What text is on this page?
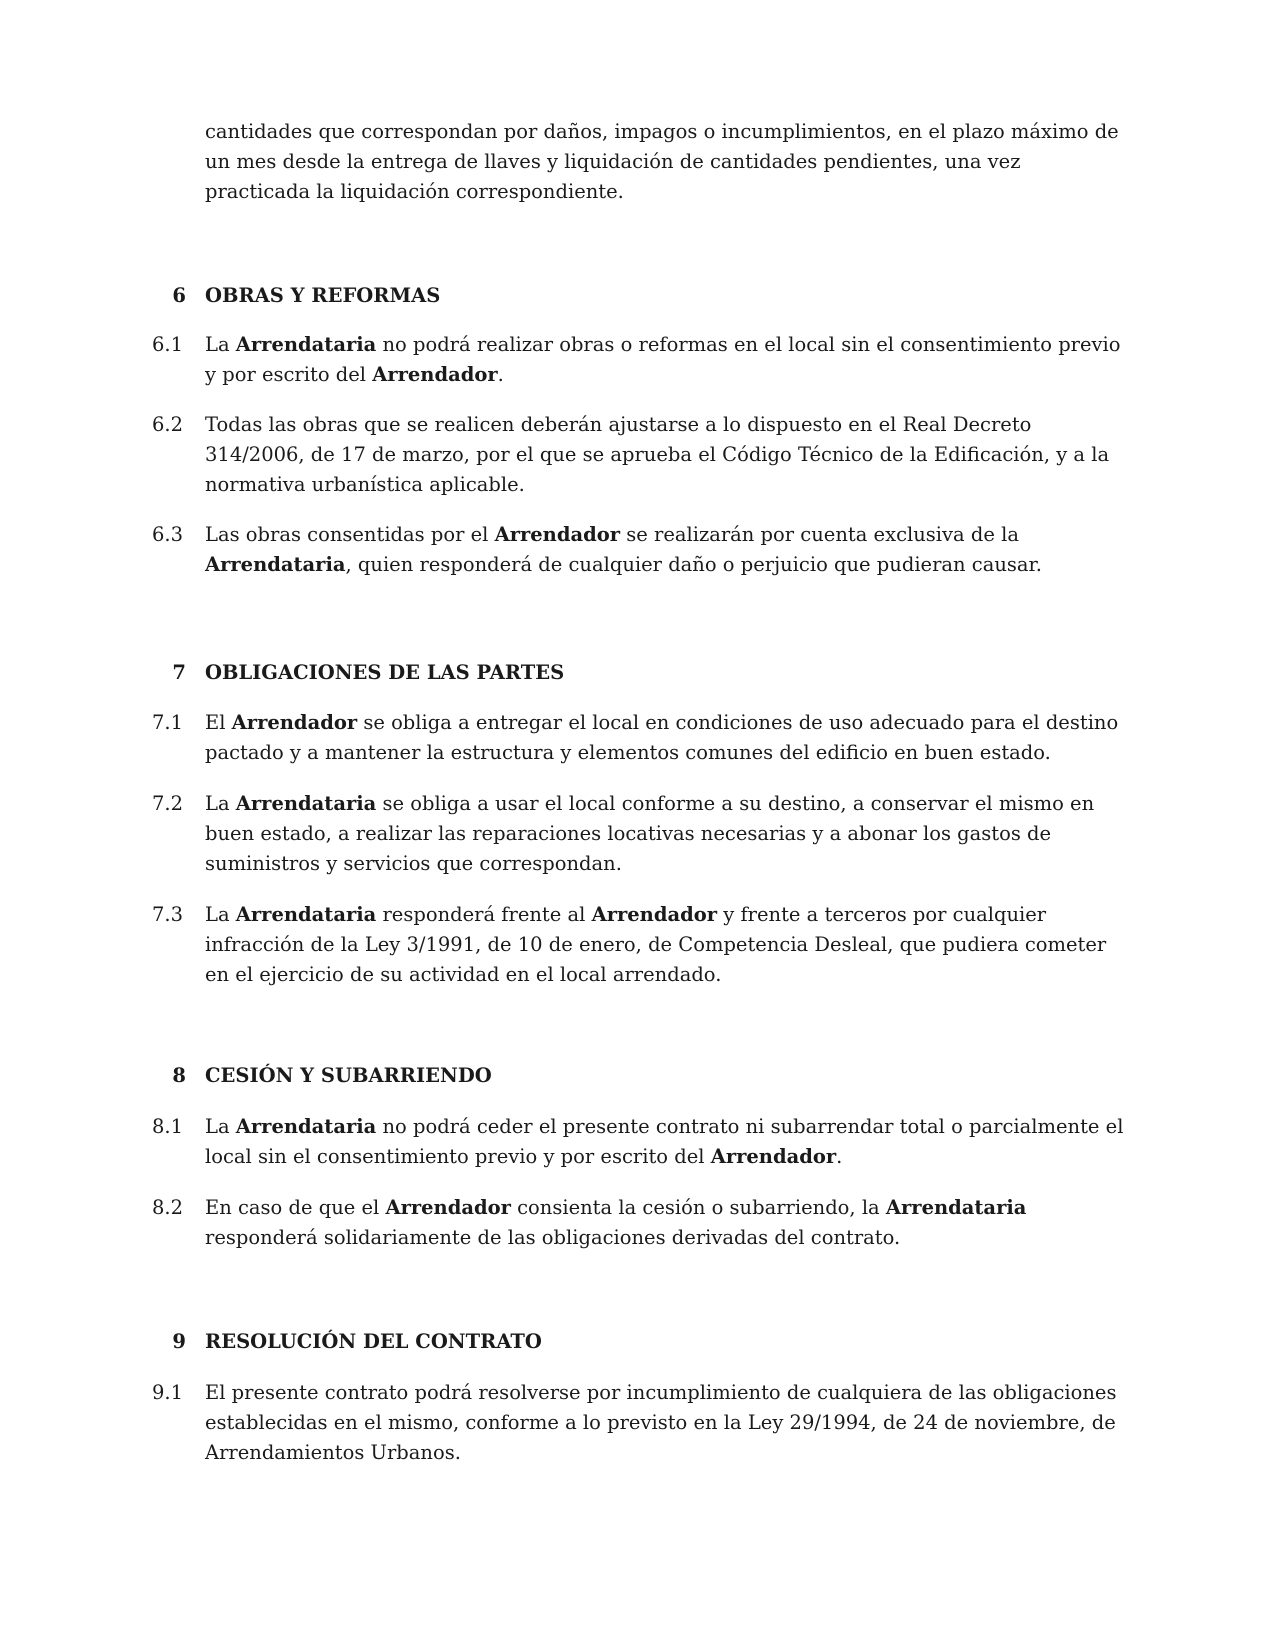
cantidades que correspondan por daños, impagos o incumplimientos, en el plazo máximo de un mes desde la entrega de llaves y liquidación de cantidades pendientes, una vez practicada la liquidación correspondiente.

6 OBRAS Y REFORMAS
6.1	La Arrendataria no podrá realizar obras o reformas en el local sin el consentimiento previo y por escrito del Arrendador.
6.2	Todas las obras que se realicen deberán ajustarse a lo dispuesto en el Real Decreto 314/2006, de 17 de marzo, por el que se aprueba el Código Técnico de la Edificación, y a la normativa urbanística aplicable.
6.3	Las obras consentidas por el Arrendador se realizarán por cuenta exclusiva de la Arrendataria, quien responderá de cualquier daño o perjuicio que pudieran causar.
7 OBLIGACIONES DE LAS PARTES
7.1	El Arrendador se obliga a entregar el local en condiciones de uso adecuado para el destino pactado y a mantener la estructura y elementos comunes del edificio en buen estado.
7.2	La Arrendataria se obliga a usar el local conforme a su destino, a conservar el mismo en buen estado, a realizar las reparaciones locativas necesarias y a abonar los gastos de suministros y servicios que correspondan.
7.3	La Arrendataria responderá frente al Arrendador y frente a terceros por cualquier infracción de la Ley 3/1991, de 10 de enero, de Competencia Desleal, que pudiera cometer en el ejercicio de su actividad en el local arrendado.
8 CESIÓN Y SUBARRIENDO
8.1	La Arrendataria no podrá ceder el presente contrato ni subarrendar total o parcialmente el local sin el consentimiento previo y por escrito del Arrendador.
8.2	En caso de que el Arrendador consienta la cesión o subarriendo, la Arrendataria responderá solidariamente de las obligaciones derivadas del contrato.
9 RESOLUCIÓN DEL CONTRATO
9.1	El presente contrato podrá resolverse por incumplimiento de cualquiera de las obligaciones establecidas en el mismo, conforme a lo previsto en la Ley 29/1994, de 24 de noviembre, de Arrendamientos Urbanos.
